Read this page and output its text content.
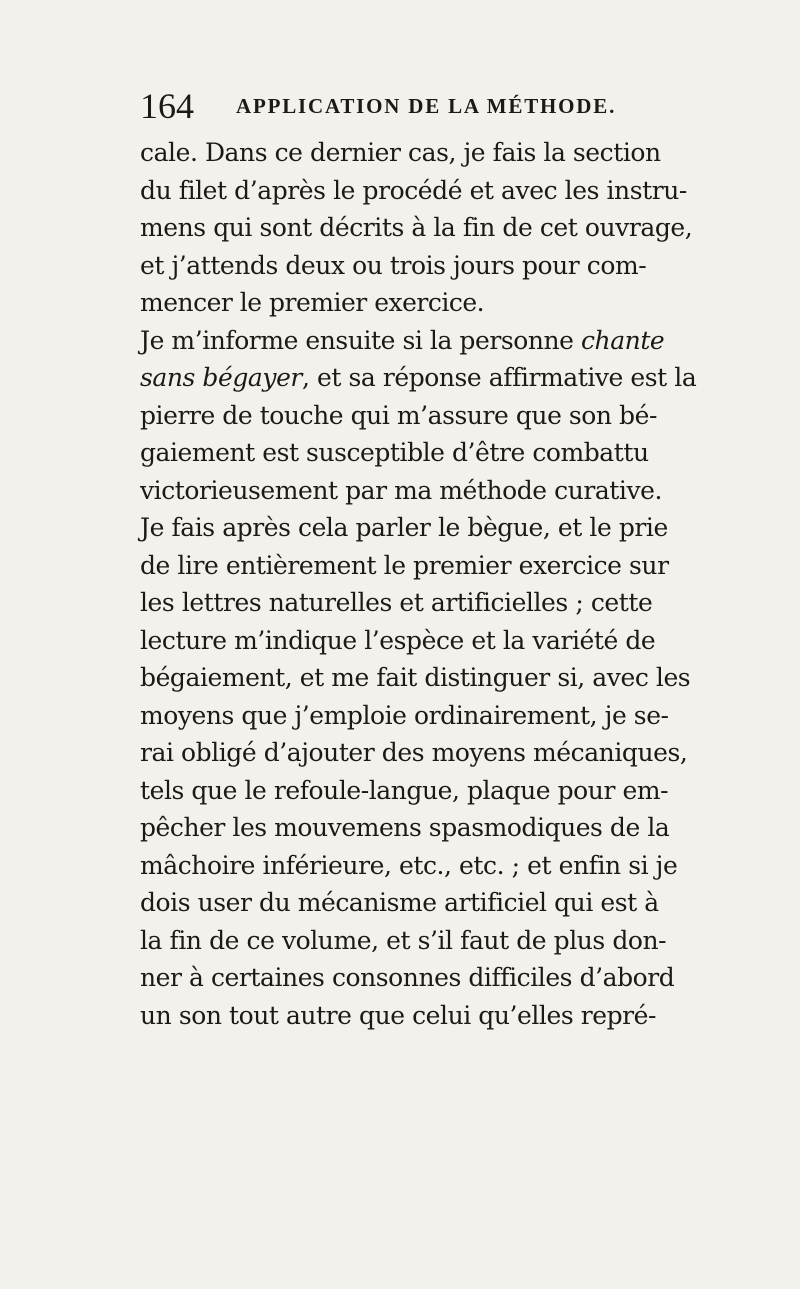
164 APPLICATION DE LA MÉTHODE.
cale. Dans ce dernier cas, je fais la section
du filet d’après le procédé et avec les instru-
mens qui sont décrits à la fin de cet ouvrage,
et j’attends deux ou trois jours pour com-
mencer le premier exercice.
Je m’informe ensuite si la personne chante
sans bégayer, et sa réponse affirmative est la
pierre de touche qui m’assure que son bé-
gaiement est susceptible d’être combattu
victorieusement par ma méthode curative.
Je fais après cela parler le bègue, et le prie
de lire entièrement le premier exercice sur
les lettres naturelles et artificielles ; cette
lecture m’indique l’espèce et la variété de
bégaiement, et me fait distinguer si, avec les
moyens que j’emploie ordinairement, je se-
rai obligé d’ajouter des moyens mécaniques,
tels que le refoule-langue, plaque pour em-
pêcher les mouvemens spasmodiques de la
mâchoire inférieure, etc., etc. ; et enfin si je
dois user du mécanisme artificiel qui est à
la fin de ce volume, et s’il faut de plus don-
ner à certaines consonnes difficiles d’abord
un son tout autre que celui qu’elles repré-
